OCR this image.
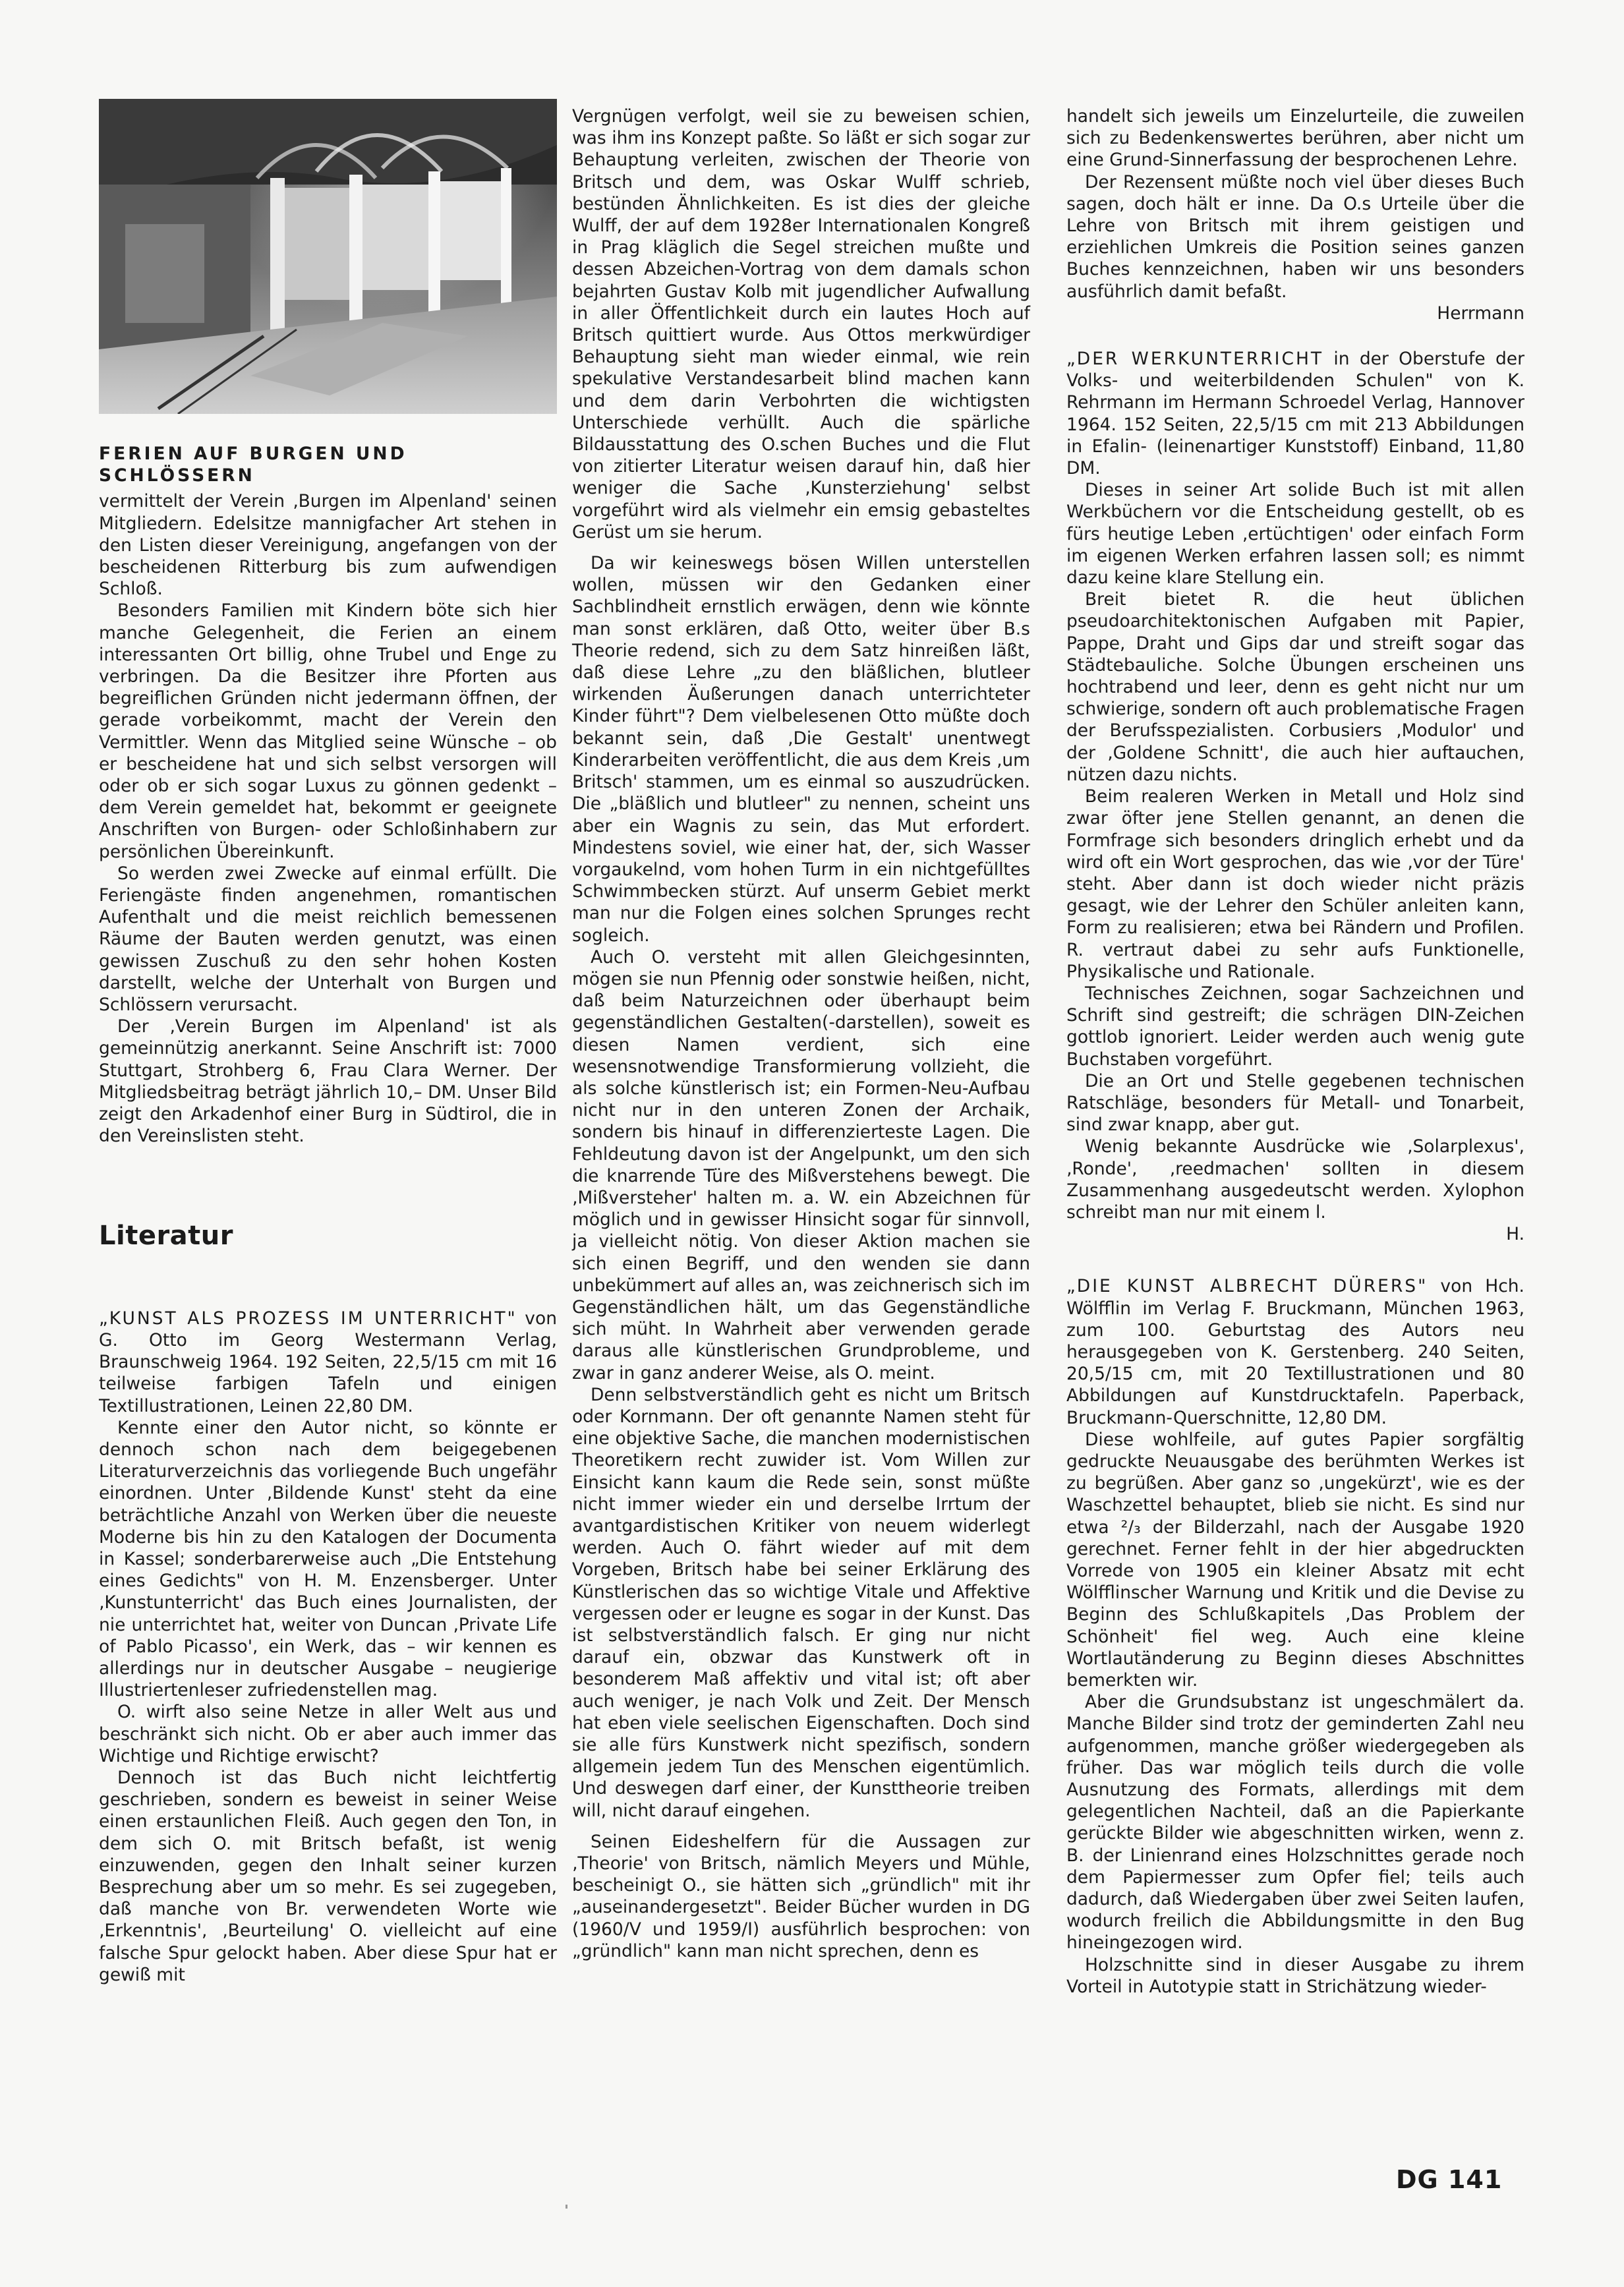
FERIEN AUF BURGEN UND SCHLÖSSERN

vermittelt der Verein ‚Burgen im Alpenland' seinen Mitgliedern. Edelsitze mannigfacher Art stehen in den Listen dieser Vereinigung, angefangen von der bescheidenen Ritterburg bis zum aufwendigen Schloß.

Besonders Familien mit Kindern böte sich hier manche Gelegenheit, die Ferien an einem interessanten Ort billig, ohne Trubel und Enge zu verbringen. Da die Besitzer ihre Pforten aus begreiflichen Gründen nicht jedermann öffnen, der gerade vorbeikommt, macht der Verein den Vermittler. Wenn das Mitglied seine Wünsche – ob er bescheidene hat und sich selbst versorgen will oder ob er sich sogar Luxus zu gönnen gedenkt – dem Verein gemeldet hat, bekommt er geeignete Anschriften von Burgen- oder Schloßinhabern zur persönlichen Übereinkunft.

So werden zwei Zwecke auf einmal erfüllt. Die Feriengäste finden angenehmen, romantischen Aufenthalt und die meist reichlich bemessenen Räume der Bauten werden genutzt, was einen gewissen Zuschuß zu den sehr hohen Kosten darstellt, welche der Unterhalt von Burgen und Schlössern verursacht.

Der ‚Verein Burgen im Alpenland' ist als gemeinnützig anerkannt. Seine Anschrift ist: 7000 Stuttgart, Strohberg 6, Frau Clara Werner. Der Mitgliedsbeitrag beträgt jährlich 10,– DM. Unser Bild zeigt den Arkadenhof einer Burg in Südtirol, die in den Vereinslisten steht.

Literatur

„KUNST ALS PROZESS IM UNTERRICHT" von G. Otto im Georg Westermann Verlag, Braunschweig 1964. 192 Seiten, 22,5/15 cm mit 16 teilweise farbigen Tafeln und einigen Textillustrationen, Leinen 22,80 DM.

Kennte einer den Autor nicht, so könnte er dennoch schon nach dem beigegebenen Literaturverzeichnis das vorliegende Buch ungefähr einordnen. Unter ‚Bildende Kunst' steht da eine beträchtliche Anzahl von Werken über die neueste Moderne bis hin zu den Katalogen der Documenta in Kassel; sonderbarerweise auch „Die Entstehung eines Gedichts" von H. M. Enzensberger. Unter ‚Kunstunterricht' das Buch eines Journalisten, der nie unterrichtet hat, weiter von Duncan ‚Private Life of Pablo Picasso', ein Werk, das – wir kennen es allerdings nur in deutscher Ausgabe – neugierige Illustriertenleser zufriedenstellen mag.

O. wirft also seine Netze in aller Welt aus und beschränkt sich nicht. Ob er aber auch immer das Wichtige und Richtige erwischt?

Dennoch ist das Buch nicht leichtfertig geschrieben, sondern es beweist in seiner Weise einen erstaunlichen Fleiß. Auch gegen den Ton, in dem sich O. mit Britsch befaßt, ist wenig einzuwenden, gegen den Inhalt seiner kurzen Besprechung aber um so mehr. Es sei zugegeben, daß manche von Br. verwendeten Worte wie ‚Erkenntnis', ‚Beurteilung' O. vielleicht auf eine falsche Spur gelockt haben. Aber diese Spur hat er gewiß mit

Vergnügen verfolgt, weil sie zu beweisen schien, was ihm ins Konzept paßte. So läßt er sich sogar zur Behauptung verleiten, zwischen der Theorie von Britsch und dem, was Oskar Wulff schrieb, bestünden Ähnlichkeiten. Es ist dies der gleiche Wulff, der auf dem 1928er Internationalen Kongreß in Prag kläglich die Segel streichen mußte und dessen Abzeichen-Vortrag von dem damals schon bejahrten Gustav Kolb mit jugendlicher Aufwallung in aller Öffentlichkeit durch ein lautes Hoch auf Britsch quittiert wurde. Aus Ottos merkwürdiger Behauptung sieht man wieder einmal, wie rein spekulative Verstandesarbeit blind machen kann und dem darin Verbohrten die wichtigsten Unterschiede verhüllt. Auch die spärliche Bildausstattung des O.schen Buches und die Flut von zitierter Literatur weisen darauf hin, daß hier weniger die Sache ‚Kunsterziehung' selbst vorgeführt wird als vielmehr ein emsig gebasteltes Gerüst um sie herum.

Da wir keineswegs bösen Willen unterstellen wollen, müssen wir den Gedanken einer Sachblindheit ernstlich erwägen, denn wie könnte man sonst erklären, daß Otto, weiter über B.s Theorie redend, sich zu dem Satz hinreißen läßt, daß diese Lehre „zu den bläßlichen, blutleer wirkenden Äußerungen danach unterrichteter Kinder führt"? Dem vielbelesenen Otto müßte doch bekannt sein, daß ‚Die Gestalt' unentwegt Kinderarbeiten veröffentlicht, die aus dem Kreis ‚um Britsch' stammen, um es einmal so auszudrücken. Die „bläßlich und blutleer" zu nennen, scheint uns aber ein Wagnis zu sein, das Mut erfordert. Mindestens soviel, wie einer hat, der, sich Wasser vorgaukelnd, vom hohen Turm in ein nichtgefülltes Schwimmbecken stürzt. Auf unserm Gebiet merkt man nur die Folgen eines solchen Sprunges recht sogleich.

Auch O. versteht mit allen Gleichgesinnten, mögen sie nun Pfennig oder sonstwie heißen, nicht, daß beim Naturzeichnen oder überhaupt beim gegenständlichen Gestalten(-darstellen), soweit es diesen Namen verdient, sich eine wesensnotwendige Transformierung vollzieht, die als solche künstlerisch ist; ein Formen-Neu-Aufbau nicht nur in den unteren Zonen der Archaik, sondern bis hinauf in differenzierteste Lagen. Die Fehldeutung davon ist der Angelpunkt, um den sich die knarrende Türe des Mißverstehens bewegt. Die ‚Mißversteher' halten m. a. W. ein Abzeichnen für möglich und in gewisser Hinsicht sogar für sinnvoll, ja vielleicht nötig. Von dieser Aktion machen sie sich einen Begriff, und den wenden sie dann unbekümmert auf alles an, was zeichnerisch sich im Gegenständlichen hält, um das Gegenständliche sich müht. In Wahrheit aber verwenden gerade daraus alle künstlerischen Grundprobleme, und zwar in ganz anderer Weise, als O. meint.

Denn selbstverständlich geht es nicht um Britsch oder Kornmann. Der oft genannte Namen steht für eine objektive Sache, die manchen modernistischen Theoretikern recht zuwider ist. Vom Willen zur Einsicht kann kaum die Rede sein, sonst müßte nicht immer wieder ein und derselbe Irrtum der avantgardistischen Kritiker von neuem widerlegt werden. Auch O. fährt wieder auf mit dem Vorgeben, Britsch habe bei seiner Erklärung des Künstlerischen das so wichtige Vitale und Affektive vergessen oder er leugne es sogar in der Kunst. Das ist selbstverständlich falsch. Er ging nur nicht darauf ein, obzwar das Kunstwerk oft in besonderem Maß affektiv und vital ist; oft aber auch weniger, je nach Volk und Zeit. Der Mensch hat eben viele seelischen Eigenschaften. Doch sind sie alle fürs Kunstwerk nicht spezifisch, sondern allgemein jedem Tun des Menschen eigentümlich. Und deswegen darf einer, der Kunsttheorie treiben will, nicht darauf eingehen.

Seinen Eideshelfern für die Aussagen zur ‚Theorie' von Britsch, nämlich Meyers und Mühle, bescheinigt O., sie hätten sich „gründlich" mit ihr „auseinandergesetzt". Beider Bücher wurden in DG (1960/V und 1959/I) ausführlich besprochen: von „gründlich" kann man nicht sprechen, denn es

handelt sich jeweils um Einzelurteile, die zuweilen sich zu Bedenkenswertes berühren, aber nicht um eine Grund-Sinnerfassung der besprochenen Lehre.

Der Rezensent müßte noch viel über dieses Buch sagen, doch hält er inne. Da O.s Urteile über die Lehre von Britsch mit ihrem geistigen und erziehlichen Umkreis die Position seines ganzen Buches kennzeichnen, haben wir uns besonders ausführlich damit befaßt.

Herrmann

„DER WERKUNTERRICHT in der Oberstufe der Volks- und weiterbildenden Schulen" von K. Rehrmann im Hermann Schroedel Verlag, Hannover 1964. 152 Seiten, 22,5/15 cm mit 213 Abbildungen in Efalin- (leinenartiger Kunststoff) Einband, 11,80 DM.

Dieses in seiner Art solide Buch ist mit allen Werkbüchern vor die Entscheidung gestellt, ob es fürs heutige Leben ‚ertüchtigen' oder einfach Form im eigenen Werken erfahren lassen soll; es nimmt dazu keine klare Stellung ein.

Breit bietet R. die heut üblichen pseudoarchitektonischen Aufgaben mit Papier, Pappe, Draht und Gips dar und streift sogar das Städtebauliche. Solche Übungen erscheinen uns hochtrabend und leer, denn es geht nicht nur um schwierige, sondern oft auch problematische Fragen der Berufsspezialisten. Corbusiers ‚Modulor' und der ‚Goldene Schnitt', die auch hier auftauchen, nützen dazu nichts.

Beim realeren Werken in Metall und Holz sind zwar öfter jene Stellen genannt, an denen die Formfrage sich besonders dringlich erhebt und da wird oft ein Wort gesprochen, das wie ‚vor der Türe' steht. Aber dann ist doch wieder nicht präzis gesagt, wie der Lehrer den Schüler anleiten kann, Form zu realisieren; etwa bei Rändern und Profilen. R. vertraut dabei zu sehr aufs Funktionelle, Physikalische und Rationale.

Technisches Zeichnen, sogar Sachzeichnen und Schrift sind gestreift; die schrägen DIN-Zeichen gottlob ignoriert. Leider werden auch wenig gute Buchstaben vorgeführt.

Die an Ort und Stelle gegebenen technischen Ratschläge, besonders für Metall- und Tonarbeit, sind zwar knapp, aber gut.

Wenig bekannte Ausdrücke wie ‚Solarplexus', ‚Ronde', ‚reedmachen' sollten in diesem Zusammenhang ausgedeutscht werden. Xylophon schreibt man nur mit einem l.

H.

„DIE KUNST ALBRECHT DÜRERS" von Hch. Wölfflin im Verlag F. Bruckmann, München 1963, zum 100. Geburtstag des Autors neu herausgegeben von K. Gerstenberg. 240 Seiten, 20,5/15 cm, mit 20 Textillustrationen und 80 Abbildungen auf Kunstdrucktafeln. Paperback, Bruckmann-Querschnitte, 12,80 DM.

Diese wohlfeile, auf gutes Papier sorgfältig gedruckte Neuausgabe des berühmten Werkes ist zu begrüßen. Aber ganz so ‚ungekürzt', wie es der Waschzettel behauptet, blieb sie nicht. Es sind nur etwa ²/₃ der Bilderzahl, nach der Ausgabe 1920 gerechnet. Ferner fehlt in der hier abgedruckten Vorrede von 1905 ein kleiner Absatz mit echt Wölfflinscher Warnung und Kritik und die Devise zu Beginn des Schlußkapitels ‚Das Problem der Schönheit' fiel weg. Auch eine kleine Wortlautänderung zu Beginn dieses Abschnittes bemerkten wir.

Aber die Grundsubstanz ist ungeschmälert da. Manche Bilder sind trotz der geminderten Zahl neu aufgenommen, manche größer wiedergegeben als früher. Das war möglich teils durch die volle Ausnutzung des Formats, allerdings mit dem gelegentlichen Nachteil, daß an die Papierkante gerückte Bilder wie abgeschnitten wirken, wenn z. B. der Linienrand eines Holzschnittes gerade noch dem Papiermesser zum Opfer fiel; teils auch dadurch, daß Wiedergaben über zwei Seiten laufen, wodurch freilich die Abbildungsmitte in den Bug hineingezogen wird.

Holzschnitte sind in dieser Ausgabe zu ihrem Vorteil in Autotypie statt in Strichätzung wieder-

DG 141
